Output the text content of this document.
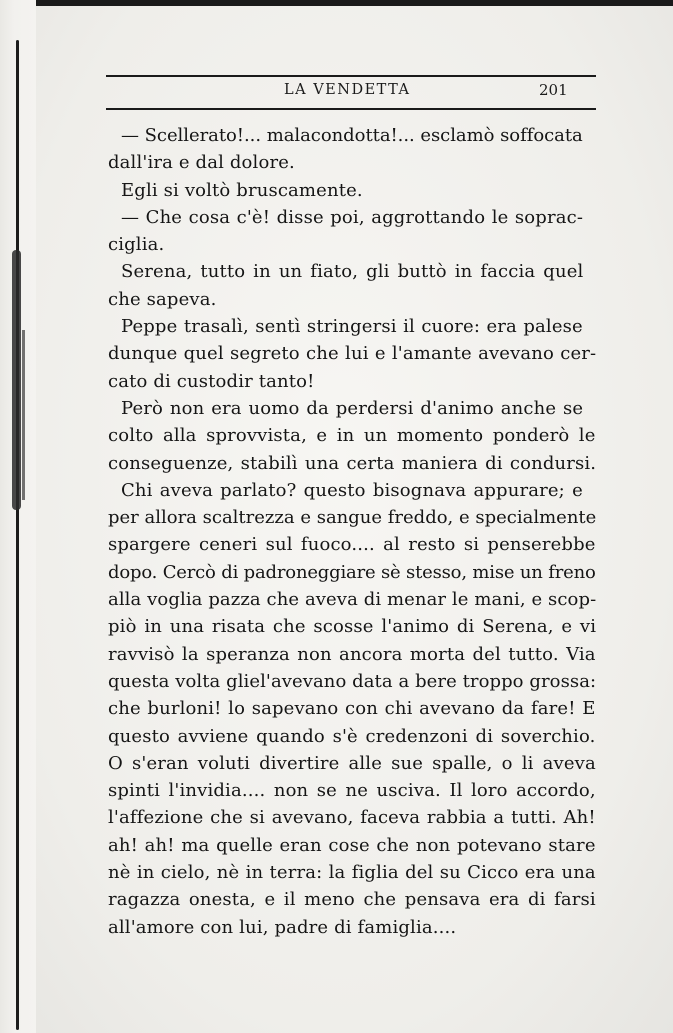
LA VENDETTA	201
— Scellerato!... malacondotta!... esclamò soffocata
dall'ira e dal dolore.
Egli si voltò bruscamente.
— Che cosa c'è! disse poi, aggrottando le soprac-
ciglia.
Serena, tutto in un fiato, gli buttò in faccia quel
che sapeva.
Peppe trasalì, sentì stringersi il cuore: era palese
dunque quel segreto che lui e l'amante avevano cer-
cato di custodir tanto!
Però non era uomo da perdersi d'animo anche se
colto alla sprovvista, e in un momento ponderò le
conseguenze, stabilì una certa maniera di condursi.
Chi aveva parlato? questo bisognava appurare; e
per allora scaltrezza e sangue freddo, e specialmente
spargere ceneri sul fuoco.... al resto si penserebbe
dopo. Cercò di padroneggiare sè stesso, mise un freno
alla voglia pazza che aveva di menar le mani, e scop-
piò in una risata che scosse l'animo di Serena, e vi
ravvisò la speranza non ancora morta del tutto. Via
questa volta gliel'avevano data a bere troppo grossa:
che burloni! lo sapevano con chi avevano da fare! E
questo avviene quando s'è credenzoni di soverchio.
O s'eran voluti divertire alle sue spalle, o li aveva
spinti l'invidia.... non se ne usciva. Il loro accordo,
l'affezione che si avevano, faceva rabbia a tutti. Ah!
ah! ah! ma quelle eran cose che non potevano stare
nè in cielo, nè in terra: la figlia del su Cicco era una
ragazza onesta, e il meno che pensava era di farsi
all'amore con lui, padre di famiglia....
